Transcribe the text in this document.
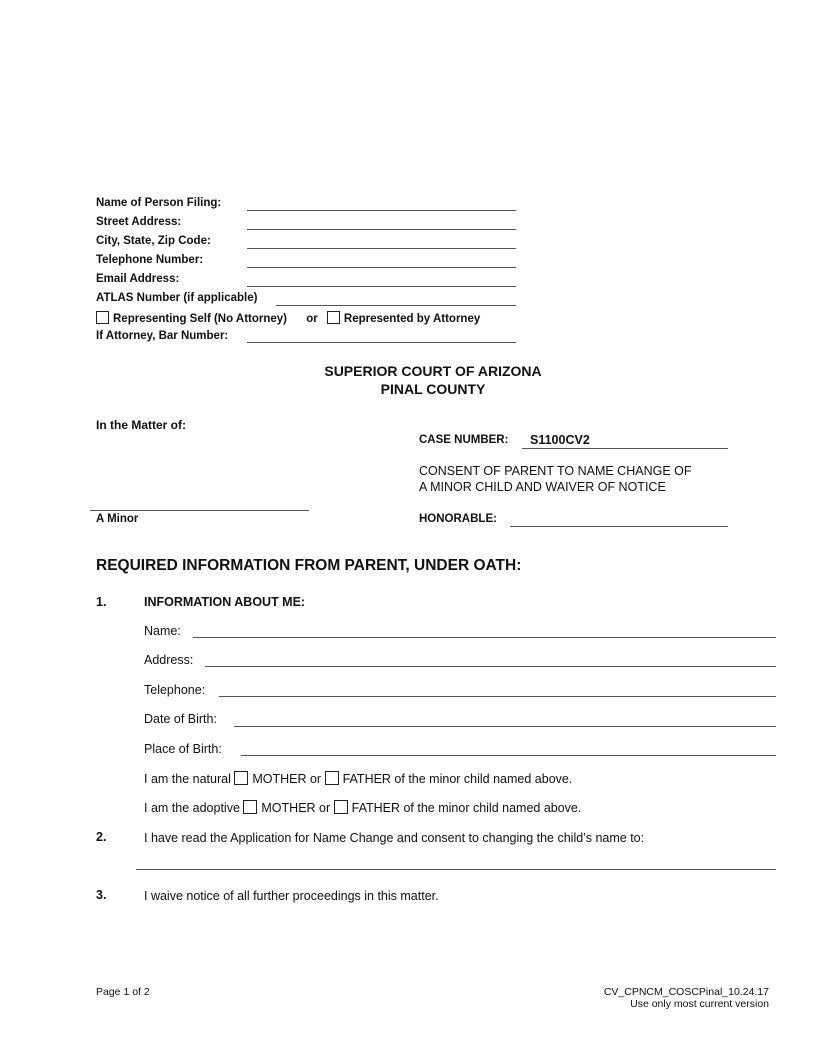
Name of Person Filing:
Street Address:
City, State, Zip Code:
Telephone Number:
Email Address:
ATLAS Number (if applicable)
Representing Self (No Attorney) or Represented by Attorney
If Attorney, Bar Number:
SUPERIOR COURT OF ARIZONA
PINAL COUNTY
In the Matter of:
A Minor
CASE NUMBER: S1100CV2
CONSENT OF PARENT TO NAME CHANGE OF
A MINOR CHILD AND WAIVER OF NOTICE
HONORABLE:
REQUIRED INFORMATION FROM PARENT, UNDER OATH:
1.	INFORMATION ABOUT ME:
Name:
Address:
Telephone:
Date of Birth:
Place of Birth:
I am the natural MOTHER or FATHER of the minor child named above.
I am the adoptive MOTHER or FATHER of the minor child named above.
2.	I have read the Application for Name Change and consent to changing the child’s name to:
3.	I waive notice of all further proceedings in this matter.
Page 1 of 2	CV_CPNCM_COSCPinal_10.24.17
Use only most current version
